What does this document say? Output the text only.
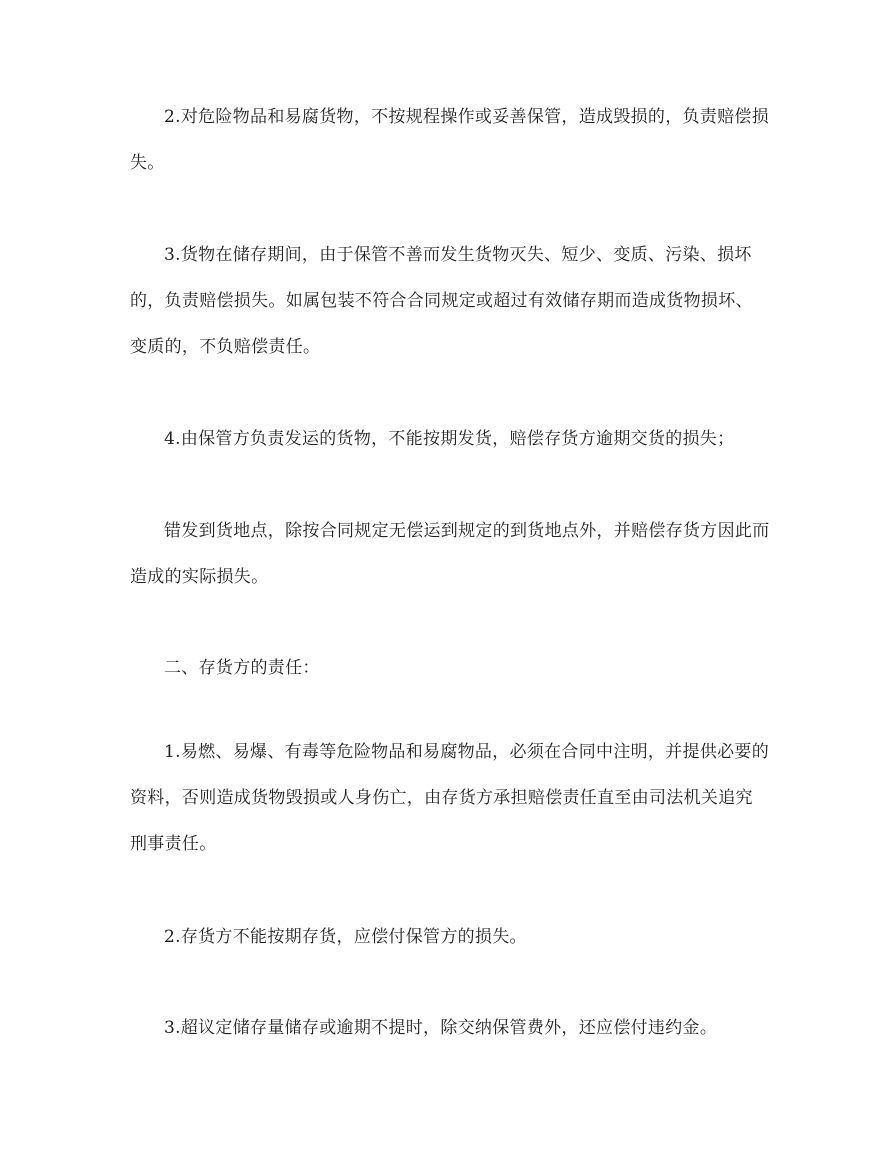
2.对危险物品和易腐货物，不按规程操作或妥善保管，造成毁损的，负责赔偿损失。

3.货物在储存期间，由于保管不善而发生货物灭失、短少、变质、污染、损坏的，负责赔偿损失。如属包装不符合合同规定或超过有效储存期而造成货物损坏、变质的，不负赔偿责任。

4.由保管方负责发运的货物，不能按期发货，赔偿存货方逾期交货的损失；

错发到货地点，除按合同规定无偿运到规定的到货地点外，并赔偿存货方因此而造成的实际损失。

二、存货方的责任：

1.易燃、易爆、有毒等危险物品和易腐物品，必须在合同中注明，并提供必要的资料，否则造成货物毁损或人身伤亡，由存货方承担赔偿责任直至由司法机关追究刑事责任。

2.存货方不能按期存货，应偿付保管方的损失。

3.超议定储存量储存或逾期不提时，除交纳保管费外，还应偿付违约金。
